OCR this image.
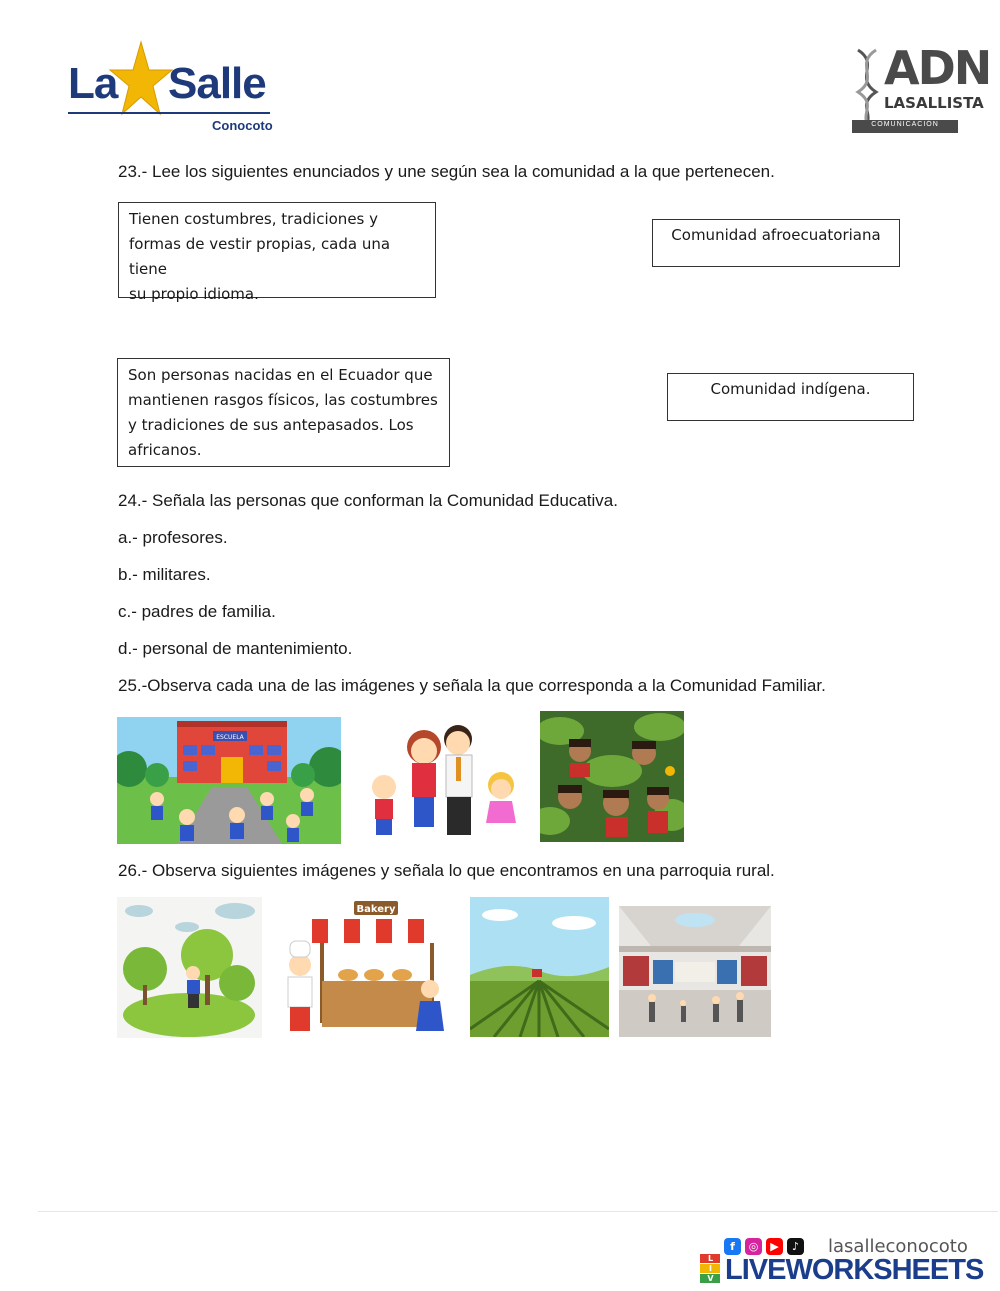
La Salle
Conocoto
ADN
LASALLISTA
COMUNICACIÓN
23.- Lee los siguientes enunciados y une según sea la comunidad a la que pertenecen.
Tienen costumbres, tradiciones y
formas de vestir propias, cada una tiene
su propio idioma.
Comunidad afroecuatoriana
Son personas nacidas en el Ecuador que
mantienen rasgos físicos, las costumbres
y tradiciones de sus antepasados. Los
africanos.
Comunidad indígena.
24.- Señala las personas que conforman la Comunidad Educativa.
a.- profesores.
b.- militares.
c.- padres de familia.
d.- personal de mantenimiento.
25.-Observa cada una de las imágenes y señala la que corresponda a la Comunidad Familiar.
ESCUELA
26.- Observa siguientes imágenes y señala lo que encontramos en una parroquia rural.
Bakery
f ◎ ▶ ♪	lasalleconocoto
L
I
V LIVEWORKSHEETS
